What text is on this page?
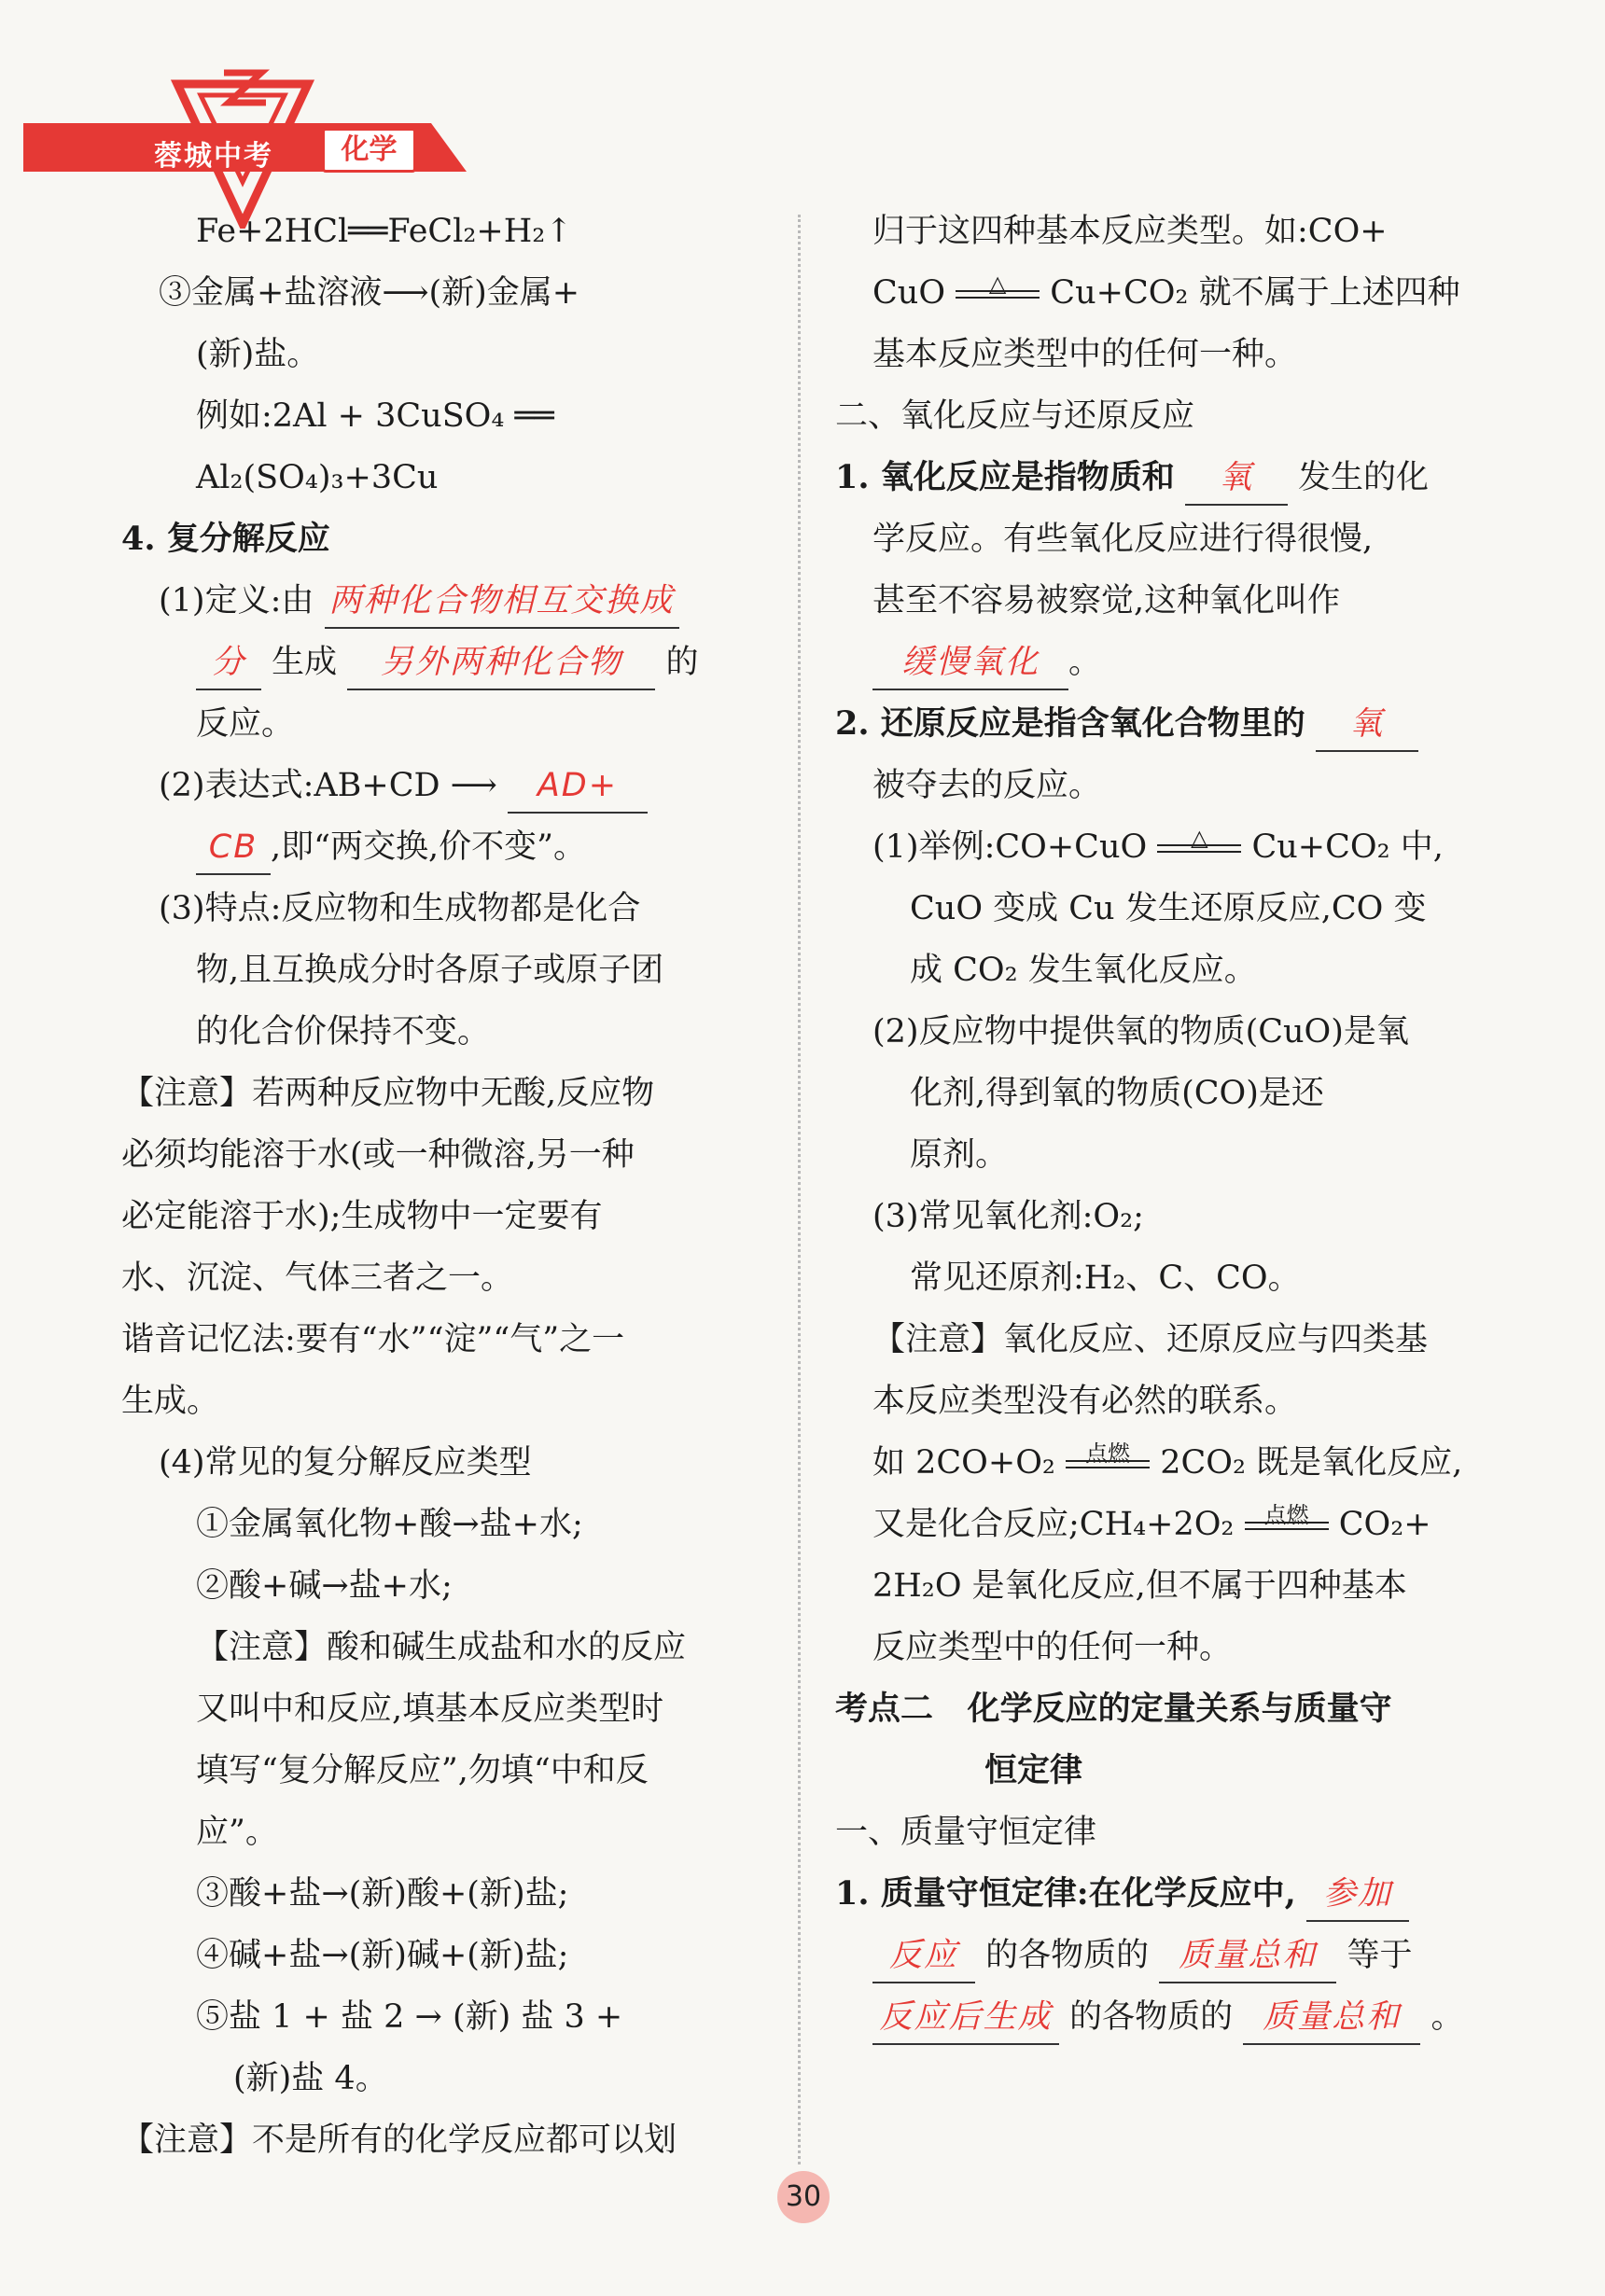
蓉城中考	化学
Fe+2HCl══FeCl₂+H₂↑
③金属+盐溶液⟶(新)金属+
(新)盐。
例如:2Al + 3CuSO₄ ══
Al₂(SO₄)₃+3Cu
4. 复分解反应
(1)定义:由 两种化合物相互交换成
分 生成 另外两种化合物 的
反应。
(2)表达式:AB+CD ⟶ AD+
CB ,即“两交换,价不变”。
(3)特点:反应物和生成物都是化合
物,且互换成分时各原子或原子团
的化合价保持不变。
【注意】若两种反应物中无酸,反应物
必须均能溶于水(或一种微溶,另一种
必定能溶于水);生成物中一定要有
水、沉淀、气体三者之一。
谐音记忆法:要有“水”“淀”“气”之一
生成。
(4)常见的复分解反应类型
①金属氧化物+酸→盐+水;
②酸+碱→盐+水;
【注意】酸和碱生成盐和水的反应
又叫中和反应,填基本反应类型时
填写“复分解反应”,勿填“中和反
应”。
③酸+盐→(新)酸+(新)盐;
④碱+盐→(新)碱+(新)盐;
⑤盐 1 + 盐 2 → (新) 盐 3 +
(新)盐 4。
【注意】不是所有的化学反应都可以划
归于这四种基本反应类型。如:CO+
CuO	△	Cu+CO₂ 就不属于上述四种
基本反应类型中的任何一种。
二、氧化反应与还原反应
1. 氧化反应是指物质和 氧 发生的化
学反应。有些氧化反应进行得很慢,
甚至不容易被察觉,这种氧化叫作
缓慢氧化 。
2. 还原反应是指含氧化合物里的 氧
被夺去的反应。
(1)举例:CO+CuO	△	Cu+CO₂ 中,
CuO 变成 Cu 发生还原反应,CO 变
成 CO₂ 发生氧化反应。
(2)反应物中提供氧的物质(CuO)是氧
化剂,得到氧的物质(CO)是还
原剂。
(3)常见氧化剂:O₂;
常见还原剂:H₂、C、CO。
【注意】氧化反应、还原反应与四类基
本反应类型没有必然的联系。
如 2CO+O₂	点燃 2CO₂ 既是氧化反应,
又是化合反应;CH₄+2O₂	点燃 CO₂+
2H₂O 是氧化反应,但不属于四种基本
反应类型中的任何一种。
考点二 化学反应的定量关系与质量守
恒定律
一、质量守恒定律
1. 质量守恒定律:在化学反应中, 参加
反应 的各物质的 质量总和 等于
反应后生成 的各物质的 质量总和 。
30
